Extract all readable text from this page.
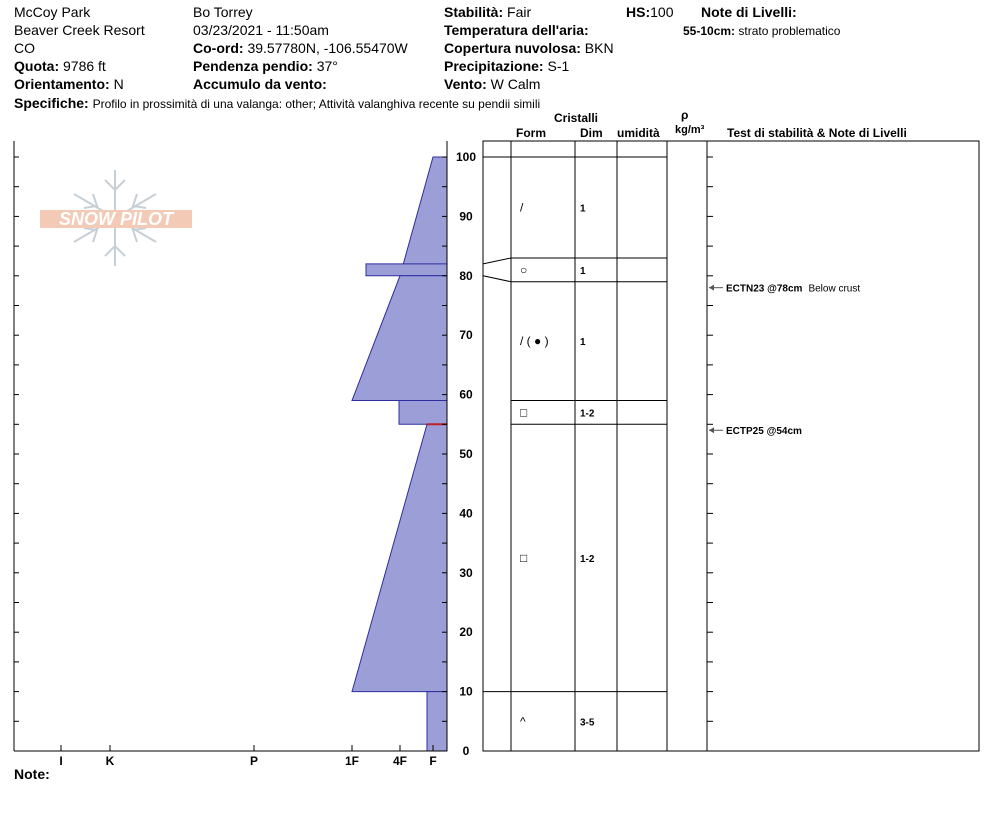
McCoy Park
Beaver Creek Resort
CO
Quota: 9786 ft
Orientamento: N
Bo Torrey
03/23/2021 - 11:50am
Co-ord: 39.57780N, -106.55470W
Pendenza pendio: 37°
Accumulo da vento:
Stabilità: Fair	HS:100
Temperatura dell'aria:
Copertura nuvolosa: BKN
Precipitazione: S-1
Vento: W Calm
Note di Livelli:
55-10cm: strato problematico
Specifiche: Profilo in prossimità di una valanga: other; Attività valanghiva recente su pendii simili
Cristalli
Form	Dim umidità
ρ
kg/m³ Test di stabilità & Note di Livelli
SNOW PILOT
0
10
20
30
40
50
60
70
80
90
100
I	K	P	1F	4F F
/	1
○	1
/ ( ● )	1
□	1-2
□	1-2
^	3-5
ECTN23 @78cm Below crust
ECTP25 @54cm
Note:
